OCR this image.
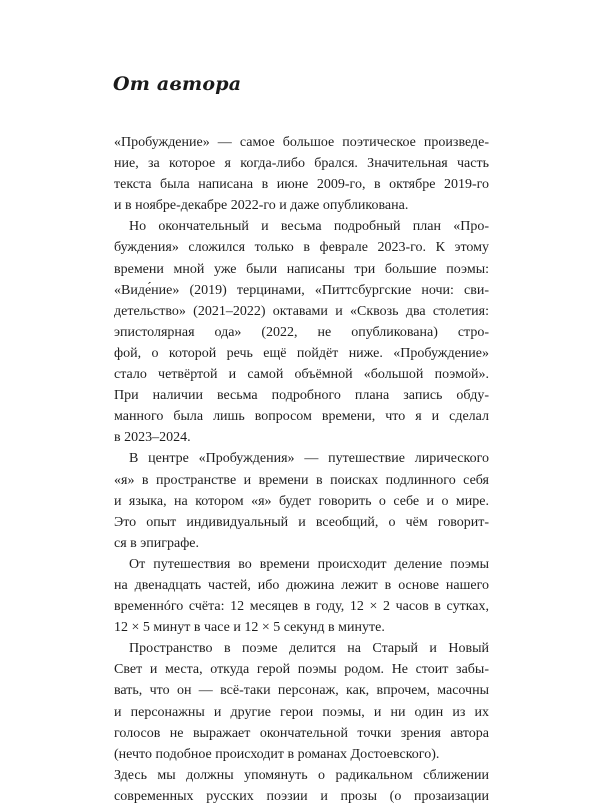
От автора
«Пробуждение» — самое большое поэтическое произведе-
ние, за которое я когда-либо брался. Значительная часть
текста была написана в июне 2009-го, в октябре 2019-го
и в ноябре-декабре 2022-го и даже опубликована.
Но окончательный и весьма подробный план «Про-
буждения» сложился только в феврале 2023-го. К этому
времени мной уже были написаны три большие поэмы:
«Виде́ние» (2019) терцинами, «Питтсбургские ночи: сви-
детельство» (2021–2022) октавами и «Сквозь два столетия:
эпистолярная ода» (2022, не опубликована) стро-
фой, о которой речь ещё пойдёт ниже. «Пробуждение»
стало четвёртой и самой объёмной «большой поэмой».
При наличии весьма подробного плана запись обду-
манного была лишь вопросом времени, что я и сделал
в 2023–2024.
В центре «Пробуждения» — путешествие лирического
«я» в пространстве и времени в поисках подлинного себя
и языка, на котором «я» будет говорить о себе и о мире.
Это опыт индивидуальный и всеобщий, о чём говорит-
ся в эпиграфе.
От путешествия во времени происходит деление поэмы
на двенадцать частей, ибо дюжина лежит в основе нашего
временнóго счёта: 12 месяцев в году, 12 × 2 часов в сутках,
12 × 5 минут в часе и 12 × 5 секунд в минуте.
Пространство в поэме делится на Старый и Новый
Свет и места, откуда герой поэмы родом. Не стоит забы-
вать, что он — всё-таки персонаж, как, впрочем, масочны
и персонажны и другие герои поэмы, и ни один из их
голосов не выражает окончательной точки зрения автора
(нечто подобное происходит в романах Достоевского).
Здесь мы должны упомянуть о радикальном сближении
современных русских поэзии и прозы (о прозаизации
